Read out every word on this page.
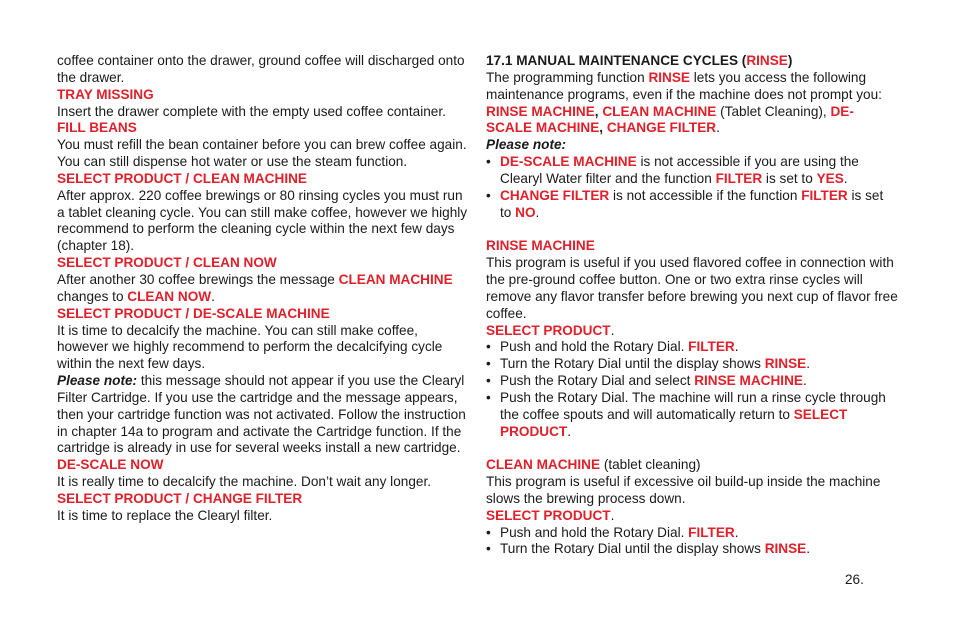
coffee container onto the drawer, ground coffee will discharged onto the drawer.

TRAY MISSING

Insert the drawer complete with the empty used coffee container.

FILL BEANS

You must refill the bean container before you can brew coffee again. You can still dispense hot water or use the steam function.

SELECT PRODUCT / CLEAN MACHINE

After approx. 220 coffee brewings or 80 rinsing cycles you must run a tablet cleaning cycle. You can still make coffee, however we highly recommend to perform the cleaning cycle within the next few days (chapter 18).

SELECT PRODUCT / CLEAN NOW

After another 30 coffee brewings the message CLEAN MACHINE changes to CLEAN NOW.

SELECT PRODUCT / DE-SCALE MACHINE

It is time to decalcify the machine. You can still make coffee, however we highly recommend to perform the decalcifying cycle within the next few days.

Please note: this message should not appear if you use the Clearyl Filter Cartridge. If you use the cartridge and the message appears, then your cartridge function was not activated. Follow the instruction in chapter 14a to program and activate the Cartridge function. If the cartridge is already in use for several weeks install a new cartridge.

DE-SCALE NOW

It is really time to decalcify the machine. Don’t wait any longer.

SELECT PRODUCT / CHANGE FILTER

It is time to replace the Clearyl filter.

17.1 MANUAL MAINTENANCE CYCLES (RINSE)

The programming function RINSE lets you access the following maintenance programs, even if the machine does not prompt you: RINSE MACHINE, CLEAN MACHINE (Tablet Cleaning), DE-SCALE MACHINE, CHANGE FILTER.

Please note:

• DE-SCALE MACHINE is not accessible if you are using the Clearyl Water filter and the function FILTER is set to YES.

• CHANGE FILTER is not accessible if the function FILTER is set to NO.

RINSE MACHINE

This program is useful if you used flavored coffee in connection with the pre-ground coffee button. One or two extra rinse cycles will remove any flavor transfer before brewing you next cup of flavor free coffee.

SELECT PRODUCT.

• Push and hold the Rotary Dial. FILTER.

• Turn the Rotary Dial until the display shows RINSE.

• Push the Rotary Dial and select RINSE MACHINE.

• Push the Rotary Dial. The machine will run a rinse cycle through the coffee spouts and will automatically return to SELECT PRODUCT.

CLEAN MACHINE (tablet cleaning)

This program is useful if excessive oil build-up inside the machine slows the brewing process down.

SELECT PRODUCT.

• Push and hold the Rotary Dial. FILTER.

• Turn the Rotary Dial until the display shows RINSE.

26.
